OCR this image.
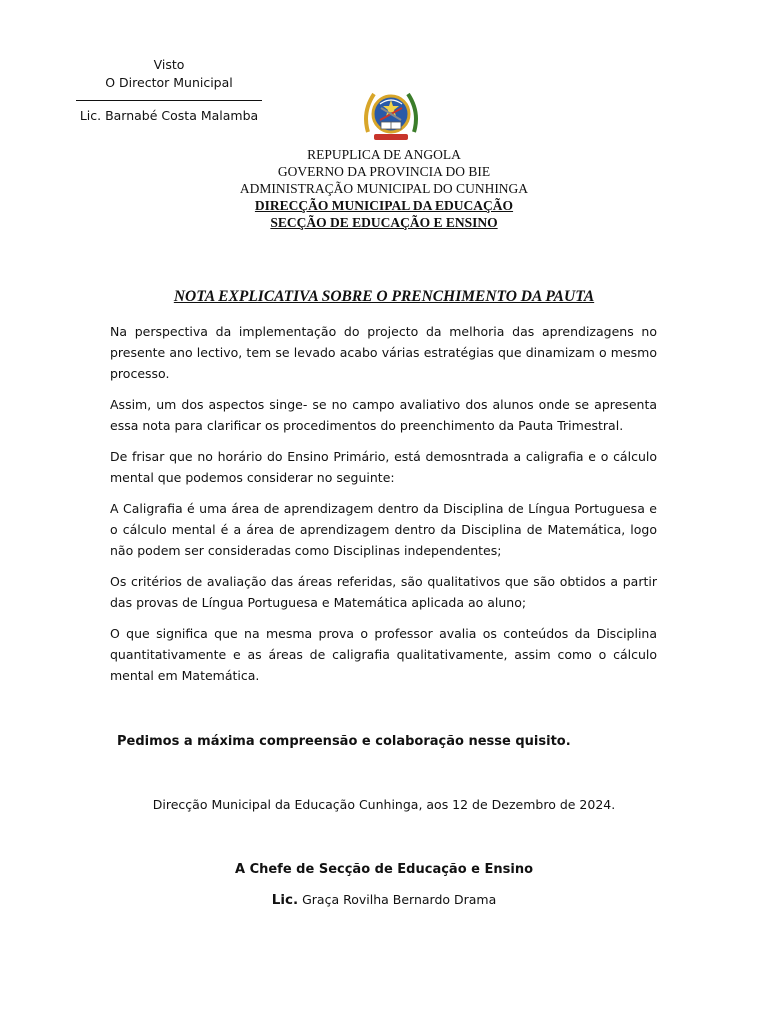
Visto
O Director Municipal
Lic. Barnabé Costa Malamba
REPUPLICA DE ANGOLA
GOVERNO DA PROVINCIA DO BIE
ADMINISTRAÇÃO MUNICIPAL DO CUNHINGA
DIRECÇÃO MUNICIPAL DA EDUCAÇÃO
SECÇÃO DE EDUCAÇÃO E ENSINO
NOTA EXPLICATIVA SOBRE O PRENCHIMENTO DA PAUTA

Na perspectiva da implementação do projecto da melhoria das aprendizagens no presente ano lectivo, tem se levado acabo várias estratégias que dinamizam o mesmo processo.

Assim, um dos aspectos singe- se no campo avaliativo dos alunos onde se apresenta essa nota para clarificar os procedimentos do preenchimento da Pauta Trimestral.

De frisar que no horário do Ensino Primário, está demosntrada a caligrafia e o cálculo mental que podemos considerar no seguinte:

A Caligrafia é uma área de aprendizagem dentro da Disciplina de Língua Portuguesa e o cálculo mental é a área de aprendizagem dentro da Disciplina de Matemática, logo não podem ser consideradas como Disciplinas independentes;

Os critérios de avaliação das áreas referidas, são qualitativos que são obtidos a partir das provas de Língua Portuguesa e Matemática aplicada ao aluno;

O que significa que na mesma prova o professor avalia os conteúdos da Disciplina quantitativamente e as áreas de caligrafia qualitativamente, assim como o cálculo mental em Matemática.

Pedimos a máxima compreensão e colaboração nesse quisito.
Direcção Municipal da Educação Cunhinga, aos 12 de Dezembro de 2024.
A Chefe de Secção de Educação e Ensino
Lic. Graça Rovilha Bernardo Drama
